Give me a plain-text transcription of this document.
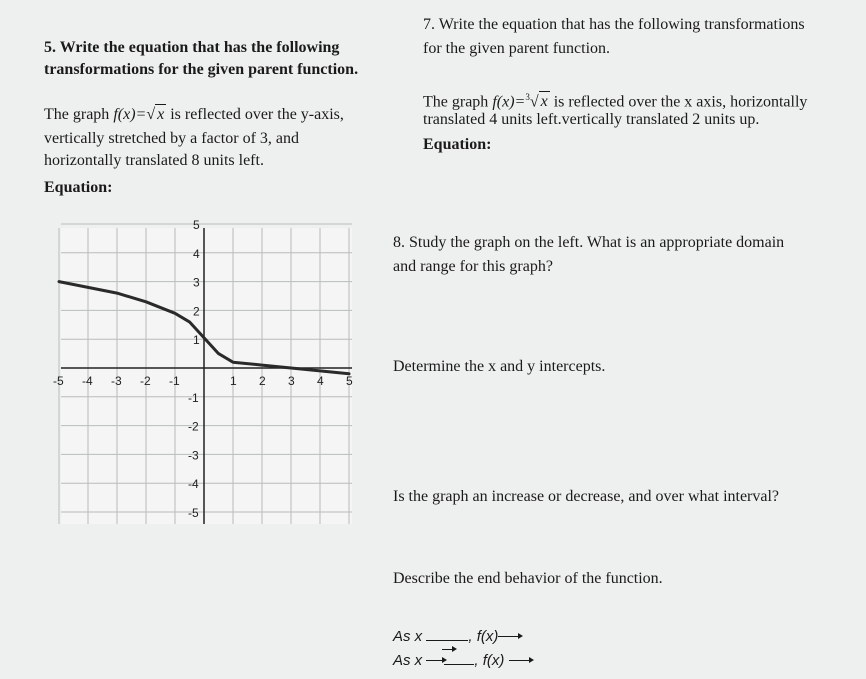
5. Write the equation that has the following
transformations for the given parent function.
The graph f(x)=√ x is reflected over the y-axis,
vertically stretched by a factor of 3, and
horizontally translated 8 units left.
Equation:
7. Write the equation that has the following transformations
for the given parent function.
The graph f(x)=$^3$√ x is reflected over the x axis, horizontally
translated 4 units left.vertically translated 2 units up.
Equation:
8. Study the graph on the left. What is an appropriate domain
and range for this graph?
Determine the x and y intercepts.
Is the graph an increase or decrease, and over what interval?
Describe the end behavior of the function.
As x	, f(x)
As x	, f(x)
-5 -4 -3 -2 -1	1 2 3 4 5
5
4
3
2
1
-1
-2
-3
-4
-5
